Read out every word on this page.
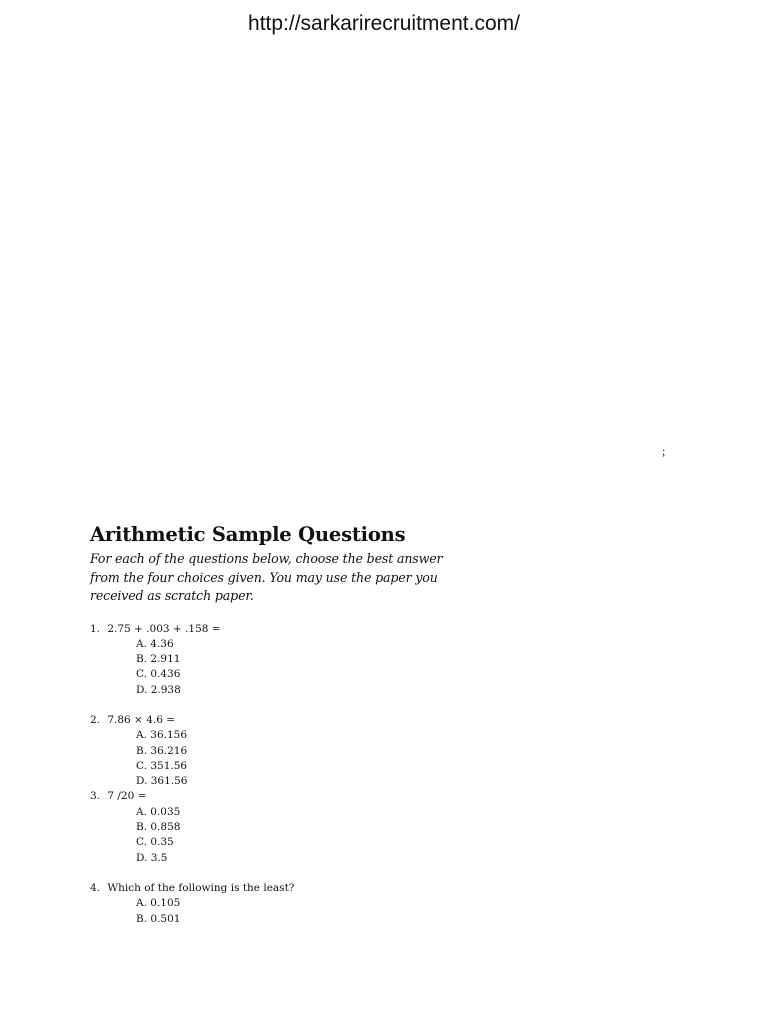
http://sarkarirecruitment.com/
;
Arithmetic Sample Questions
For each of the questions below, choose the best answer
from the four choices given. You may use the paper you
received as scratch paper.
1. 2.75 + .003 + .158 =
A. 4.36
B. 2.911
C. 0.436
D. 2.938
2. 7.86 × 4.6 =
A. 36.156
B. 36.216
C. 351.56
D. 361.56
3. 7 /20 =
A. 0.035
B. 0.858
C. 0.35
D. 3.5
4. Which of the following is the least?
A. 0.105
B. 0.501
